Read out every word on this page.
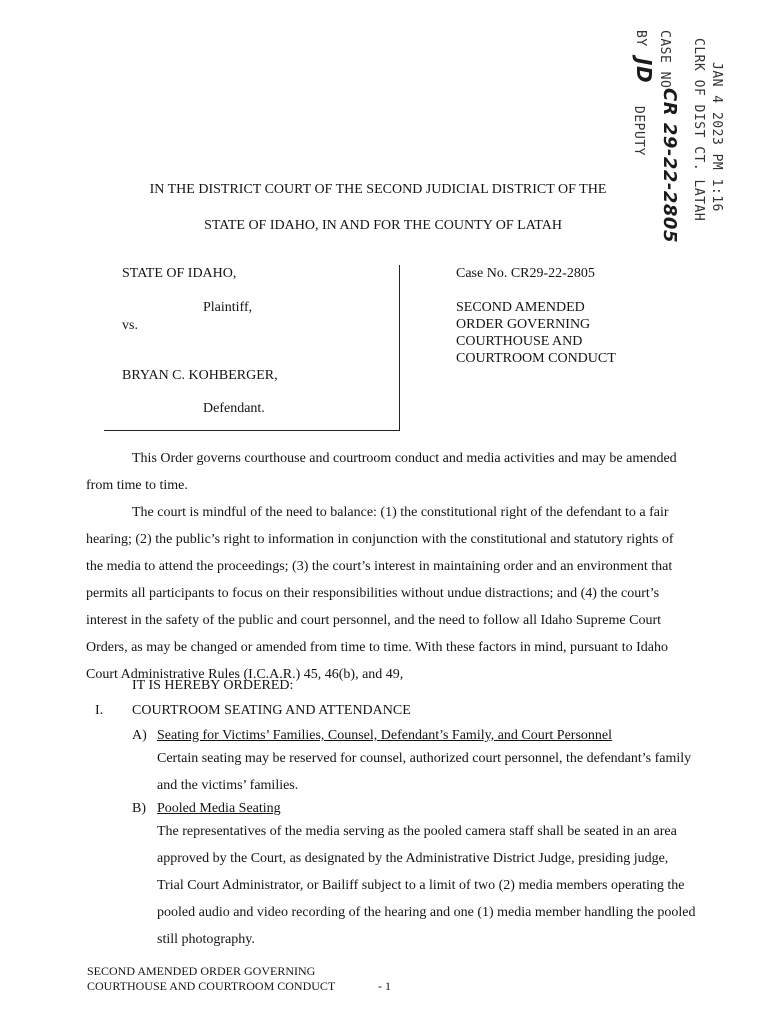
JAN 4 2023 PM 1:16
CLRK OF DIST CT. LATAH
CASE NO
CR 29-22-2805
BY
JD
DEPUTY
IN THE DISTRICT COURT OF THE SECOND JUDICIAL DISTRICT OF THE
STATE OF IDAHO, IN AND FOR THE COUNTY OF LATAH
STATE OF IDAHO,
Plaintiff,
vs.
BRYAN C. KOHBERGER,
Defendant.
Case No. CR29-22-2805
SECOND AMENDED
ORDER GOVERNING
COURTHOUSE AND
COURTROOM CONDUCT
This Order governs courthouse and courtroom conduct and media activities and may be amended
from time to time.
The court is mindful of the need to balance: (1) the constitutional right of the defendant to a fair
hearing; (2) the public’s right to information in conjunction with the constitutional and statutory rights of
the media to attend the proceedings; (3) the court’s interest in maintaining order and an environment that
permits all participants to focus on their responsibilities without undue distractions; and (4) the court’s
interest in the safety of the public and court personnel, and the need to follow all Idaho Supreme Court
Orders, as may be changed or amended from time to time. With these factors in mind, pursuant to Idaho
Court Administrative Rules (I.C.A.R.) 45, 46(b), and 49,
IT IS HEREBY ORDERED:
I. COURTROOM SEATING AND ATTENDANCE
A) Seating for Victims’ Families, Counsel, Defendant’s Family, and Court Personnel
Certain seating may be reserved for counsel, authorized court personnel, the defendant’s family
and the victims’ families.
B) Pooled Media Seating
The representatives of the media serving as the pooled camera staff shall be seated in an area
approved by the Court, as designated by the Administrative District Judge, presiding judge,
Trial Court Administrator, or Bailiff subject to a limit of two (2) media members operating the
pooled audio and video recording of the hearing and one (1) media member handling the pooled
still photography.
SECOND AMENDED ORDER GOVERNING
COURTHOUSE AND COURTROOM CONDUCT	- 1
